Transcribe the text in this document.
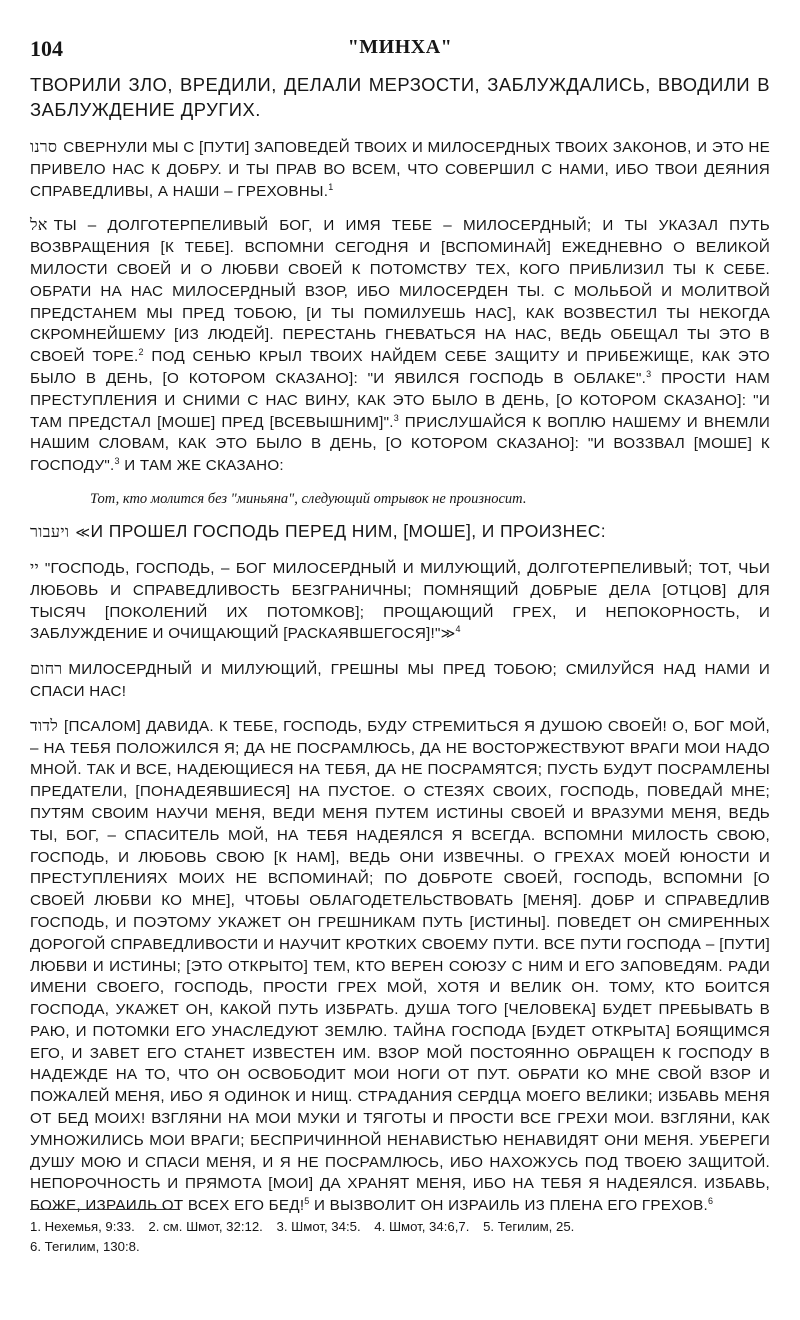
104	"МИНХА"

ТВОРИЛИ ЗЛО, ВРЕДИЛИ, ДЕЛАЛИ МЕРЗОСТИ, ЗАБЛУЖДАЛИСЬ, ВВОДИЛИ В ЗАБЛУЖДЕНИЕ ДРУГИХ.

סרנו СВЕРНУЛИ МЫ С [ПУТИ] ЗАПОВЕДЕЙ ТВОИХ И МИЛОСЕРДНЫХ ТВОИХ ЗАКОНОВ, И ЭТО НЕ ПРИВЕЛО НАС К ДОБРУ. И ТЫ ПРАВ ВО ВСЕМ, ЧТО СОВЕРШИЛ С НАМИ, ИБО ТВОИ ДЕЯНИЯ СПРАВЕДЛИВЫ, А НАШИ – ГРЕХОВНЫ.$^1$

אל ТЫ – ДОЛГОТЕРПЕЛИВЫЙ БОГ, И ИМЯ ТЕБЕ – МИЛОСЕРДНЫЙ; И ТЫ УКАЗАЛ ПУТЬ ВОЗВРАЩЕНИЯ [К ТЕБЕ]. ВСПОМНИ СЕГОДНЯ И [ВСПОМИНАЙ] ЕЖЕДНЕВНО О ВЕЛИКОЙ МИЛОСТИ СВОЕЙ И О ЛЮБВИ СВОЕЙ К ПОТОМСТВУ ТЕХ, КОГО ПРИБЛИЗИЛ ТЫ К СЕБЕ. ОБРАТИ НА НАС МИЛОСЕРДНЫЙ ВЗОР, ИБО МИЛОСЕРДЕН ТЫ. С МОЛЬБОЙ И МОЛИТВОЙ ПРЕДСТАНЕМ МЫ ПРЕД ТОБОЮ, [И ТЫ ПОМИЛУЕШЬ НАС], КАК ВОЗВЕСТИЛ ТЫ НЕКОГДА СКРОМНЕЙШЕМУ [ИЗ ЛЮДЕЙ]. ПЕРЕСТАНЬ ГНЕВАТЬСЯ НА НАС, ВЕДЬ ОБЕЩАЛ ТЫ ЭТО В СВОЕЙ ТОРЕ.$^2$ ПОД СЕНЬЮ КРЫЛ ТВОИХ НАЙДЕМ СЕБЕ ЗАЩИТУ И ПРИБЕЖИЩЕ, КАК ЭТО БЫЛО В ДЕНЬ, [О КОТОРОМ СКАЗАНО]: "И ЯВИЛСЯ ГОСПОДЬ В ОБЛАКЕ".$^3$ ПРОСТИ НАМ ПРЕСТУПЛЕНИЯ И СНИМИ С НАС ВИНУ, КАК ЭТО БЫЛО В ДЕНЬ, [О КОТОРОМ СКАЗАНО]: "И ТАМ ПРЕДСТАЛ [МОШЕ] ПРЕД [ВСЕВЫШНИМ]".$^3$ ПРИСЛУШАЙСЯ К ВОПЛЮ НАШЕМУ И ВНЕМЛИ НАШИМ СЛОВАМ, КАК ЭТО БЫЛО В ДЕНЬ, [О КОТОРОМ СКАЗАНО]: "И ВОЗЗВАЛ [МОШЕ] К ГОСПОДУ".$^3$ И ТАМ ЖЕ СКАЗАНО:

Тот, кто молится без "миньяна", следующий отрывок не произносит.

ויעבור ≪И ПРОШЕЛ ГОСПОДЬ ПЕРЕД НИМ, [МОШЕ], И ПРОИЗНЕС:

יי "ГОСПОДЬ, ГОСПОДЬ, – БОГ МИЛОСЕРДНЫЙ И МИЛУЮЩИЙ, ДОЛГОТЕРПЕЛИВЫЙ; ТОТ, ЧЬИ ЛЮБОВЬ И СПРАВЕДЛИВОСТЬ БЕЗГРАНИЧНЫ; ПОМНЯЩИЙ ДОБРЫЕ ДЕЛА [ОТЦОВ] ДЛЯ ТЫСЯЧ [ПОКОЛЕНИЙ ИХ ПОТОМКОВ]; ПРОЩАЮЩИЙ ГРЕХ, И НЕПОКОРНОСТЬ, И ЗАБЛУЖДЕНИЕ И ОЧИЩАЮЩИЙ [РАСКАЯВШЕГОСЯ]!"≫$^4$

רחום МИЛОСЕРДНЫЙ И МИЛУЮЩИЙ, ГРЕШНЫ МЫ ПРЕД ТОБОЮ; СМИЛУЙСЯ НАД НАМИ И СПАСИ НАС!

לדוד [ПСАЛОМ] ДАВИДА. К ТЕБЕ, ГОСПОДЬ, БУДУ СТРЕМИТЬСЯ Я ДУШОЮ СВОЕЙ! О, БОГ МОЙ, – НА ТЕБЯ ПОЛОЖИЛСЯ Я; ДА НЕ ПОСРАМЛЮСЬ, ДА НЕ ВОСТОРЖЕСТВУЮТ ВРАГИ МОИ НАДО МНОЙ. ТАК И ВСЕ, НАДЕЮЩИЕСЯ НА ТЕБЯ, ДА НЕ ПОСРАМЯТСЯ; ПУСТЬ БУДУТ ПОСРАМЛЕНЫ ПРЕДАТЕЛИ, [ПОНАДЕЯВШИЕСЯ] НА ПУСТОЕ. О СТЕЗЯХ СВОИХ, ГОСПОДЬ, ПОВЕДАЙ МНЕ; ПУТЯМ СВОИМ НАУЧИ МЕНЯ, ВЕДИ МЕНЯ ПУТЕМ ИСТИНЫ СВОЕЙ И ВРАЗУМИ МЕНЯ, ВЕДЬ ТЫ, БОГ, – СПАСИТЕЛЬ МОЙ, НА ТЕБЯ НАДЕЯЛСЯ Я ВСЕГДА. ВСПОМНИ МИЛОСТЬ СВОЮ, ГОСПОДЬ, И ЛЮБОВЬ СВОЮ [К НАМ], ВЕДЬ ОНИ ИЗВЕЧНЫ. О ГРЕХАХ МОЕЙ ЮНОСТИ И ПРЕСТУПЛЕНИЯХ МОИХ НЕ ВСПОМИНАЙ; ПО ДОБРОТЕ СВОЕЙ, ГОСПОДЬ, ВСПОМНИ [О СВОЕЙ ЛЮБВИ КО МНЕ], ЧТОБЫ ОБЛАГОДЕТЕЛЬСТВОВАТЬ [МЕНЯ]. ДОБР И СПРАВЕДЛИВ ГОСПОДЬ, И ПОЭТОМУ УКАЖЕТ ОН ГРЕШНИКАМ ПУТЬ [ИСТИНЫ]. ПОВЕДЕТ ОН СМИРЕННЫХ ДОРОГОЙ СПРАВЕДЛИВОСТИ И НАУЧИТ КРОТКИХ СВОЕМУ ПУТИ. ВСЕ ПУТИ ГОСПОДА – [ПУТИ] ЛЮБВИ И ИСТИНЫ; [ЭТО ОТКРЫТО] ТЕМ, КТО ВЕРЕН СОЮЗУ С НИМ И ЕГО ЗАПОВЕДЯМ. РАДИ ИМЕНИ СВОЕГО, ГОСПОДЬ, ПРОСТИ ГРЕХ МОЙ, ХОТЯ И ВЕЛИК ОН. ТОМУ, КТО БОИТСЯ ГОСПОДА, УКАЖЕТ ОН, КАКОЙ ПУТЬ ИЗБРАТЬ. ДУША ТОГО [ЧЕЛОВЕКА] БУДЕТ ПРЕБЫВАТЬ В РАЮ, И ПОТОМКИ ЕГО УНАСЛЕДУЮТ ЗЕМЛЮ. ТАЙНА ГОСПОДА [БУДЕТ ОТКРЫТА] БОЯЩИМСЯ ЕГО, И ЗАВЕТ ЕГО СТАНЕТ ИЗВЕСТЕН ИМ. ВЗОР МОЙ ПОСТОЯННО ОБРАЩЕН К ГОСПОДУ В НАДЕЖДЕ НА ТО, ЧТО ОН ОСВОБОДИТ МОИ НОГИ ОТ ПУТ. ОБРАТИ КО МНЕ СВОЙ ВЗОР И ПОЖАЛЕЙ МЕНЯ, ИБО Я ОДИНОК И НИЩ. СТРАДАНИЯ СЕРДЦА МОЕГО ВЕЛИКИ; ИЗБАВЬ МЕНЯ ОТ БЕД МОИХ! ВЗГЛЯНИ НА МОИ МУКИ И ТЯГОТЫ И ПРОСТИ ВСЕ ГРЕХИ МОИ. ВЗГЛЯНИ, КАК УМНОЖИЛИСЬ МОИ ВРАГИ; БЕСПРИЧИННОЙ НЕНАВИСТЬЮ НЕНАВИДЯТ ОНИ МЕНЯ. УБЕРЕГИ ДУШУ МОЮ И СПАСИ МЕНЯ, И Я НЕ ПОСРАМЛЮСЬ, ИБО НАХОЖУСЬ ПОД ТВОЕЮ ЗАЩИТОЙ. НЕПОРОЧНОСТЬ И ПРЯМОТА [МОИ] ДА ХРАНЯТ МЕНЯ, ИБО НА ТЕБЯ Я НАДЕЯЛСЯ. ИЗБАВЬ, БОЖЕ, ИЗРАИЛЬ ОТ ВСЕХ ЕГО БЕД!$^5$ И ВЫЗВОЛИТ ОН ИЗРАИЛЬ ИЗ ПЛЕНА ЕГО ГРЕХОВ.$^6$

1. Нехемья, 9:33. 2. см. Шмот, 32:12. 3. Шмот, 34:5. 4. Шмот, 34:6,7. 5. Тегилим, 25.
6. Тегилим, 130:8.
